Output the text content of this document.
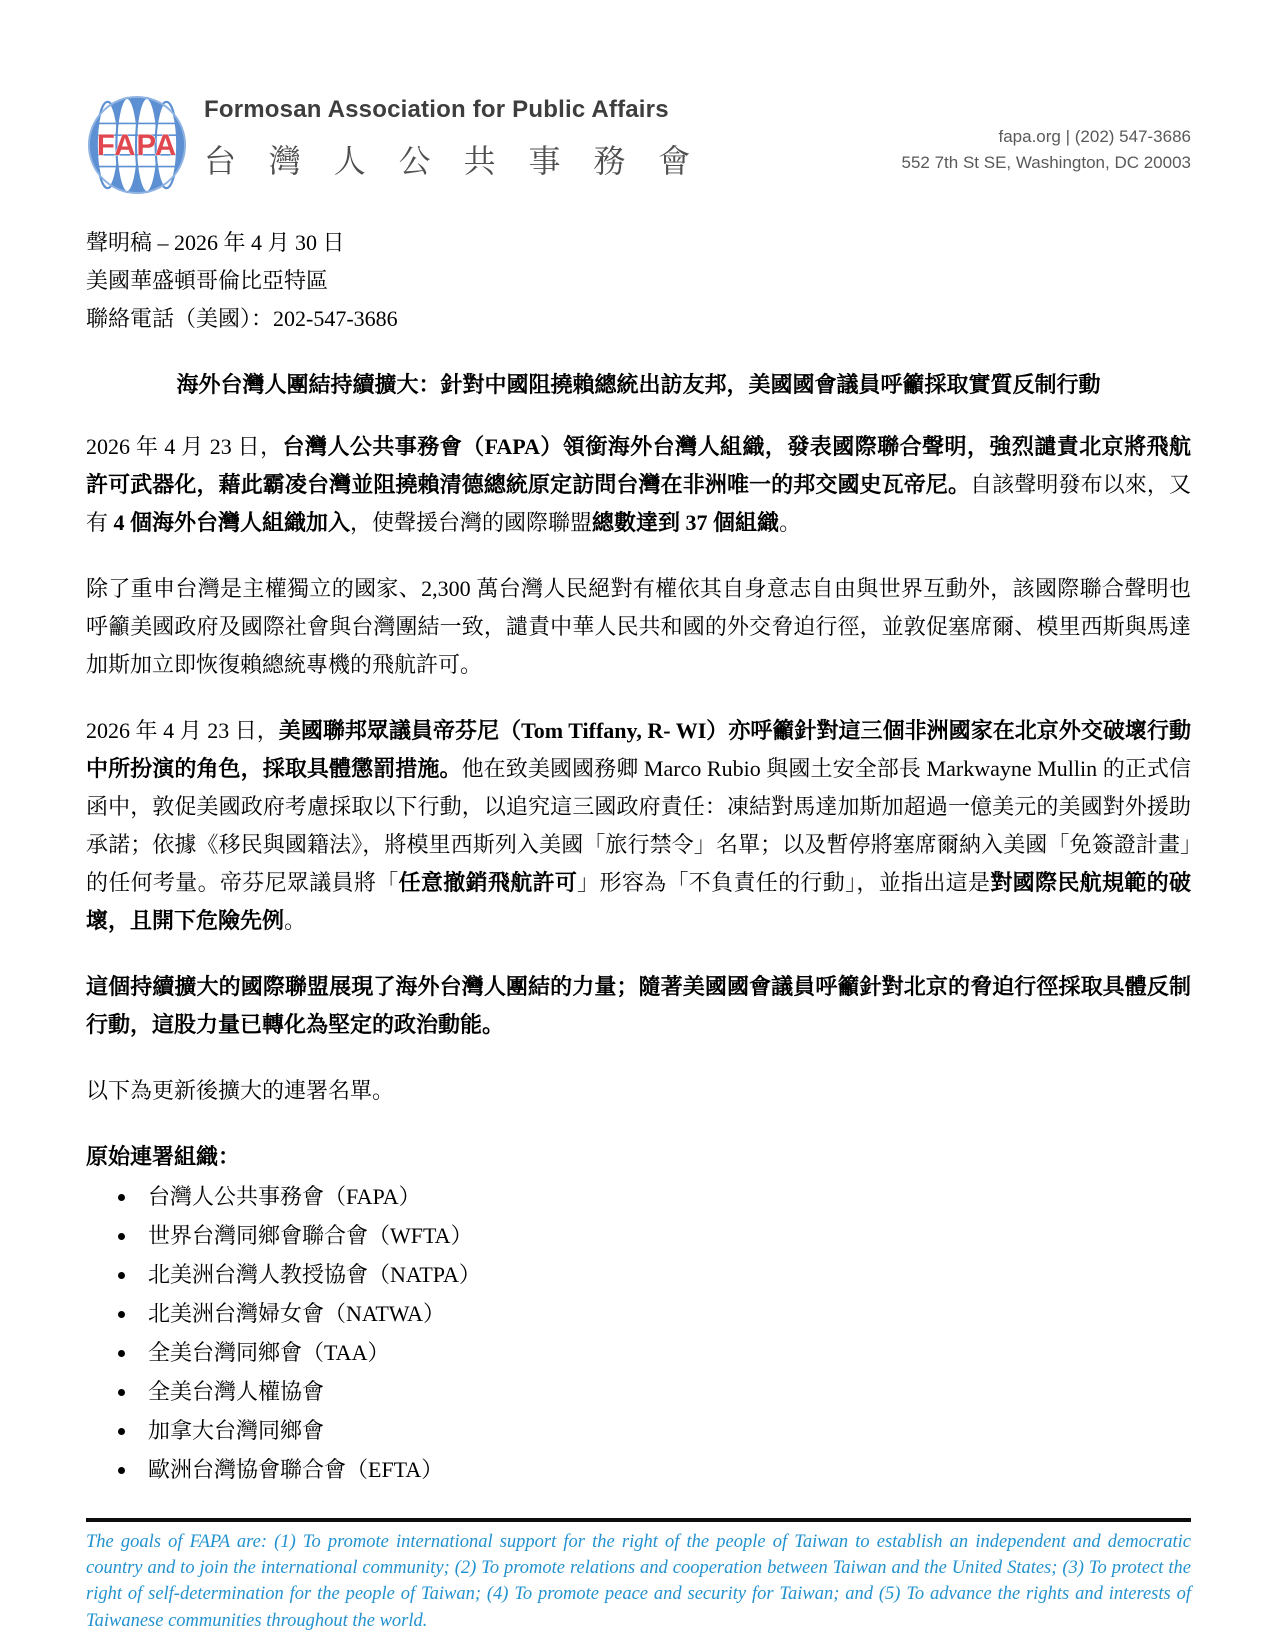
FAPA
Formosan Association for Public Affairs
台 灣 人 公 共 事 務 會
fapa.org | (202) 547-3686
552 7th St SE, Washington, DC 20003
聲明稿 – 2026 年 4 月 30 日
美國華盛頓哥倫比亞特區
聯絡電話（美國）：202-547-3686
海外台灣人團結持續擴大：針對中國阻撓賴總統出訪友邦，美國國會議員呼籲採取實質反制行動
2026 年 4 月 23 日，台灣人公共事務會（FAPA）領銜海外台灣人組織，發表國際聯合聲明，強烈譴責北京將飛航許可武器化，藉此霸凌台灣並阻撓賴清德總統原定訪問台灣在非洲唯一的邦交國史瓦帝尼。自該聲明發布以來，又有 4 個海外台灣人組織加入，使聲援台灣的國際聯盟總數達到 37 個組織。
除了重申台灣是主權獨立的國家、2,300 萬台灣人民絕對有權依其自身意志自由與世界互動外，該國際聯合聲明也呼籲美國政府及國際社會與台灣團結一致，譴責中華人民共和國的外交脅迫行徑，並敦促塞席爾、模里西斯與馬達加斯加立即恢復賴總統專機的飛航許可。
2026 年 4 月 23 日，美國聯邦眾議員帝芬尼（Tom Tiffany, R- WI）亦呼籲針對這三個非洲國家在北京外交破壞行動中所扮演的角色，採取具體懲罰措施。他在致美國國務卿 Marco Rubio 與國土安全部長 Markwayne Mullin 的正式信函中，敦促美國政府考慮採取以下行動，以追究這三國政府責任：凍結對馬達加斯加超過一億美元的美國對外援助承諾；依據《移民與國籍法》，將模里西斯列入美國「旅行禁令」名單；以及暫停將塞席爾納入美國「免簽證計畫」的任何考量。帝芬尼眾議員將「任意撤銷飛航許可」形容為「不負責任的行動」，並指出這是對國際民航規範的破壞，且開下危險先例。
這個持續擴大的國際聯盟展現了海外台灣人團結的力量；隨著美國國會議員呼籲針對北京的脅迫行徑採取具體反制行動，這股力量已轉化為堅定的政治動能。
以下為更新後擴大的連署名單。
原始連署組織：
• 台灣人公共事務會（FAPA）
• 世界台灣同鄉會聯合會（WFTA）
• 北美洲台灣人教授協會（NATPA）
• 北美洲台灣婦女會（NATWA）
• 全美台灣同鄉會（TAA）
• 全美台灣人權協會
• 加拿大台灣同鄉會
• 歐洲台灣協會聯合會（EFTA）
The goals of FAPA are: (1) To promote international support for the right of the people of Taiwan to establish an independent and democratic country and to join the international community; (2) To promote relations and cooperation between Taiwan and the United States; (3) To protect the right of self-determination for the people of Taiwan; (4) To promote peace and security for Taiwan; and (5) To advance the rights and interests of Taiwanese communities throughout the world.
